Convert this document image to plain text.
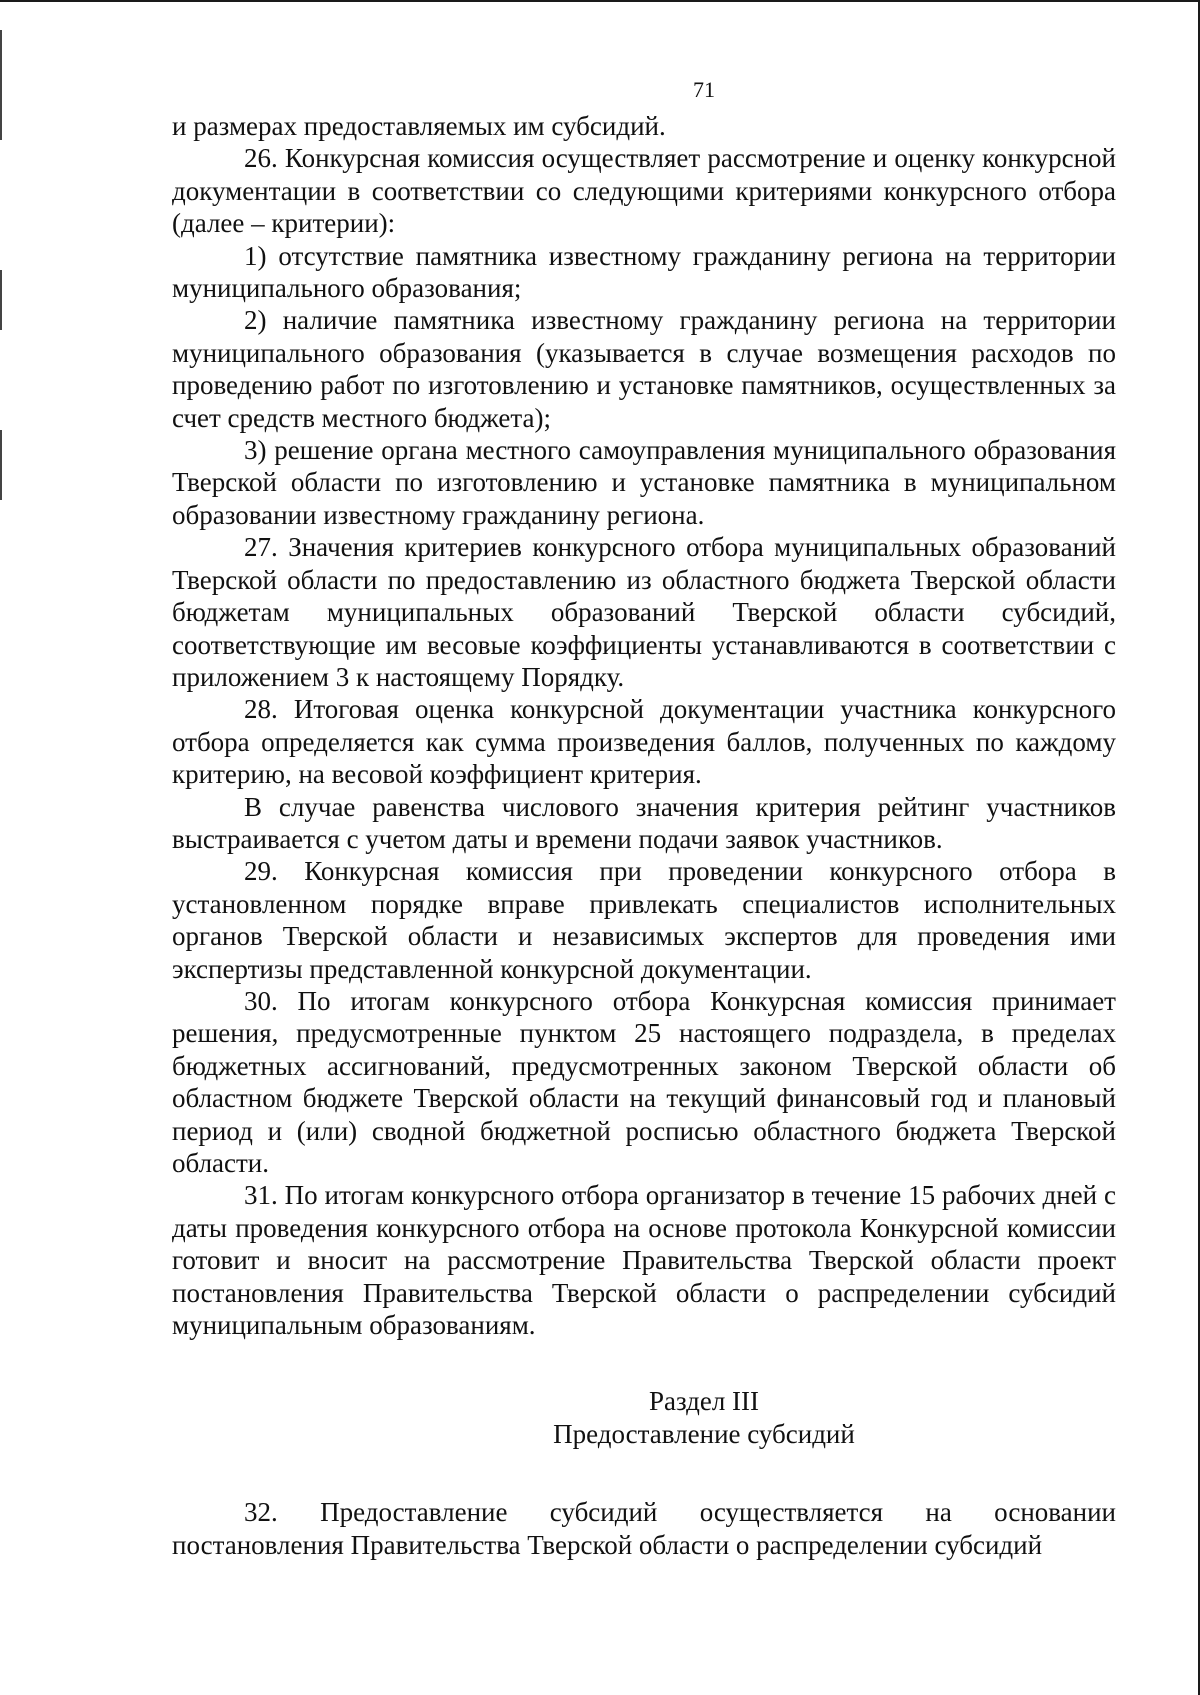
71

и размерах предоставляемых им субсидий.

26. Конкурсная комиссия осуществляет рассмотрение и оценку конкурсной документации в соответствии со следующими критериями конкурсного отбора (далее – критерии):

1) отсутствие памятника известному гражданину региона на территории муниципального образования;

2) наличие памятника известному гражданину региона на территории муниципального образования (указывается в случае возмещения расходов по проведению работ по изготовлению и установке памятников, осуществленных за счет средств местного бюджета);

3) решение органа местного самоуправления муниципального образования Тверской области по изготовлению и установке памятника в муниципальном образовании известному гражданину региона.

27. Значения критериев конкурсного отбора муниципальных образований Тверской области по предоставлению из областного бюджета Тверской области бюджетам муниципальных образований Тверской области субсидий, соответствующие им весовые коэффициенты устанавливаются в соответствии с приложением 3 к настоящему Порядку.

28. Итоговая оценка конкурсной документации участника конкурсного отбора определяется как сумма произведения баллов, полученных по каждому критерию, на весовой коэффициент критерия.

В случае равенства числового значения критерия рейтинг участников выстраивается с учетом даты и времени подачи заявок участников.

29. Конкурсная комиссия при проведении конкурсного отбора в установленном порядке вправе привлекать специалистов исполнительных органов Тверской области и независимых экспертов для проведения ими экспертизы представленной конкурсной документации.

30. По итогам конкурсного отбора Конкурсная комиссия принимает решения, предусмотренные пунктом 25 настоящего подраздела, в пределах бюджетных ассигнований, предусмотренных законом Тверской области об областном бюджете Тверской области на текущий финансовый год и плановый период и (или) сводной бюджетной росписью областного бюджета Тверской области.

31. По итогам конкурсного отбора организатор в течение 15 рабочих дней с даты проведения конкурсного отбора на основе протокола Конкурсной комиссии готовит и вносит на рассмотрение Правительства Тверской области проект постановления Правительства Тверской области о распределении субсидий муниципальным образованиям.

Раздел III
Предоставление субсидий

32. Предоставление субсидий осуществляется на основании постановления Правительства Тверской области о распределении субсидий
